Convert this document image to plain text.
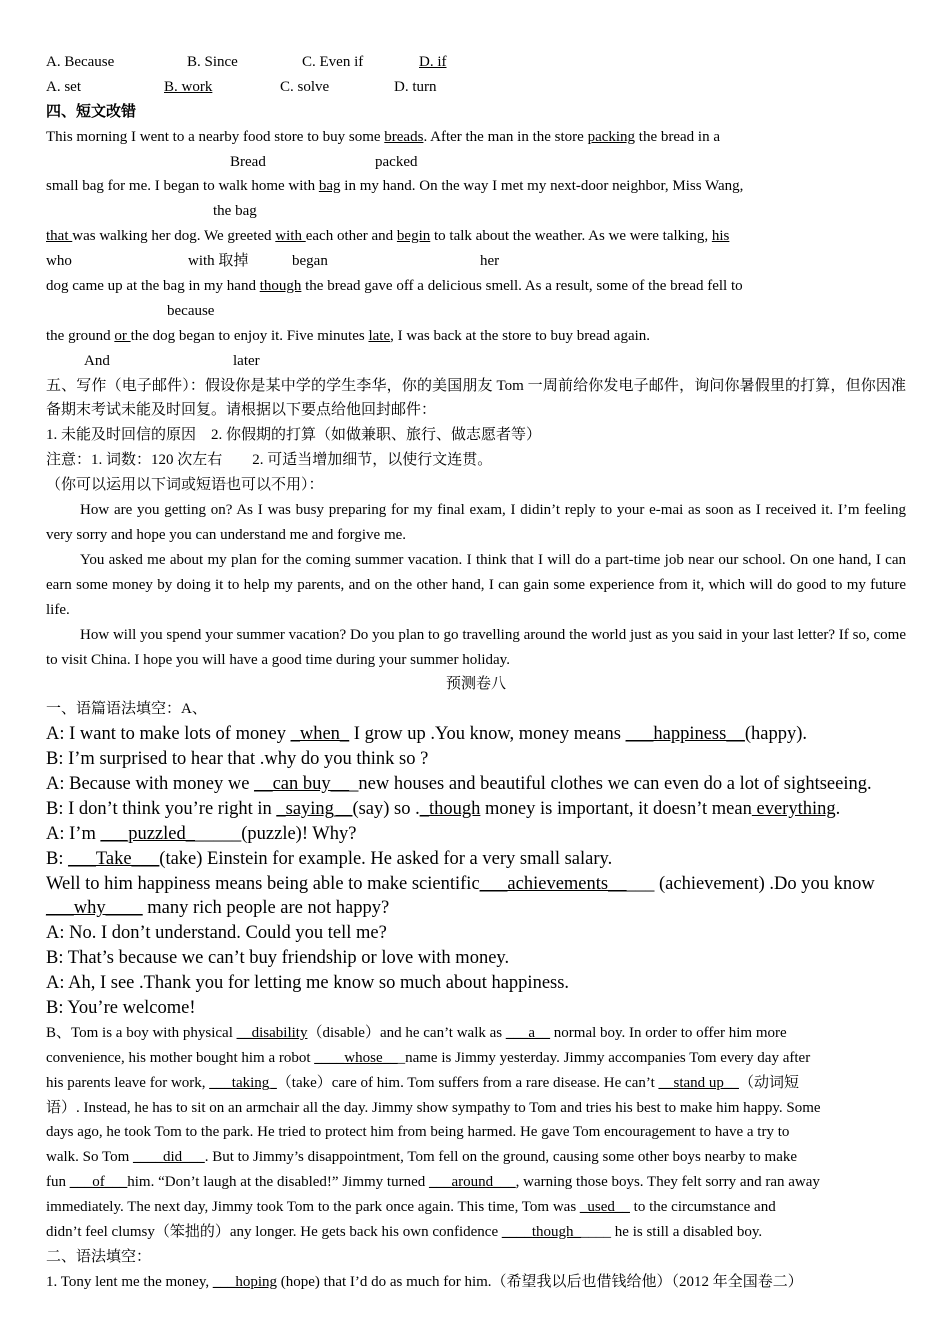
A. Because	B. Since	C. Even if	D. if
A. set	B. work	C. solve	D. turn
四、短文改错
This morning I went to a nearby food store to buy some breads. After the man in the store packing the bread in a
Bread	packed
small bag for me. I began to walk home with bag in my hand. On the way I met my next-door neighbor, Miss Wang,
the bag
that was walking her dog. We greeted with each other and begin to talk about the weather. As we were talking, his
who	with 取掉	began	her
dog came up at the bag in my hand though the bread gave off a delicious smell. As a result, some of the bread fell to
because
the ground or the dog began to enjoy it. Five minutes late, I was back at the store to buy bread again.
And	later
五、写作（电子邮件）：假设你是某中学的学生李华，你的美国朋友 Tom 一周前给你发电子邮件，询问你暑假里的打算，但你因准备期末考试未能及时回复。请根据以下要点给他回封邮件：
1. 未能及时回信的原因　2. 你假期的打算（如做兼职、旅行、做志愿者等）
注意：1. 词数：120 次左右　　2. 可适当增加细节，以使行文连贯。
（你可以运用以下词或短语也可以不用）：
How are you getting on? As I was busy preparing for my final exam, I didin’t reply to your e-mai as soon as I received it. I’m feeling very sorry and hope you can understand me and forgive me.
You asked me about my plan for the coming summer vacation. I think that I will do a part-time job near our school. On one hand, I can earn some money by doing it to help my parents, and on the other hand, I can gain some experience from it, which will do good to my future life.
How will you spend your summer vacation? Do you plan to go travelling around the world just as you said in your last letter? If so, come to visit China. I hope you will have a good time during your summer holiday.
预测卷八
一、语篇语法填空：A、
A: I want to make lots of money _when_ I grow up .You know, money means ___happiness__(happy).
B: I’m surprised to hear that .why do you think so ?
A: Because with money we __can buy___new houses and beautiful clothes we can even do a lot of sightseeing.
B: I don’t think you’re right in _saying__(say) so ._though money is important, it doesn’t mean everything.
A: I’m ___puzzled______(puzzle)! Why?
B: ___Take___(take) Einstein for example. He asked for a very small salary.
Well to him happiness means being able to make scientific___achievements_____ (achievement) .Do you know
___why____ many rich people are not happy?
A: No. I don’t understand. Could you tell me?
B: That’s because we can’t buy friendship or love with money.
A: Ah, I see .Thank you for letting me know so much about happiness.
B: You’re welcome!
B、Tom is a boy with physical __disability（disable）and he can’t walk as ___a__ normal boy. In order to offer him more
convenience, his mother bought him a robot ____whose___name is Jimmy yesterday. Jimmy accompanies Tom every day after
his parents leave for work, ___taking_（take）care of him. Tom suffers from a rare disease. He can’t __stand up__（动词短
语）. Instead, he has to sit on an armchair all the day. Jimmy show sympathy to Tom and tries his best to make him happy. Some
days ago, he took Tom to the park. He tried to protect him from being harmed. He gave Tom encouragement to have a try to
walk. So Tom ____did___. But to Jimmy’s disappointment, Tom fell on the ground, causing some other boys nearby to make
fun ___of___him. “Don’t laugh at the disabled!” Jimmy turned ___around___, warning those boys. They felt sorry and ran away
immediately. The next day, Jimmy took Tom to the park once again. This time, Tom was _used__ to the circumstance and
didn’t feel clumsy（笨拙的）any longer. He gets back his own confidence ____though_____ he is still a disabled boy.
二、语法填空：
1. Tony lent me the money, ___hoping (hope) that I’d do as much for him.（希望我以后也借钱给他）（2012 年全国卷二）
